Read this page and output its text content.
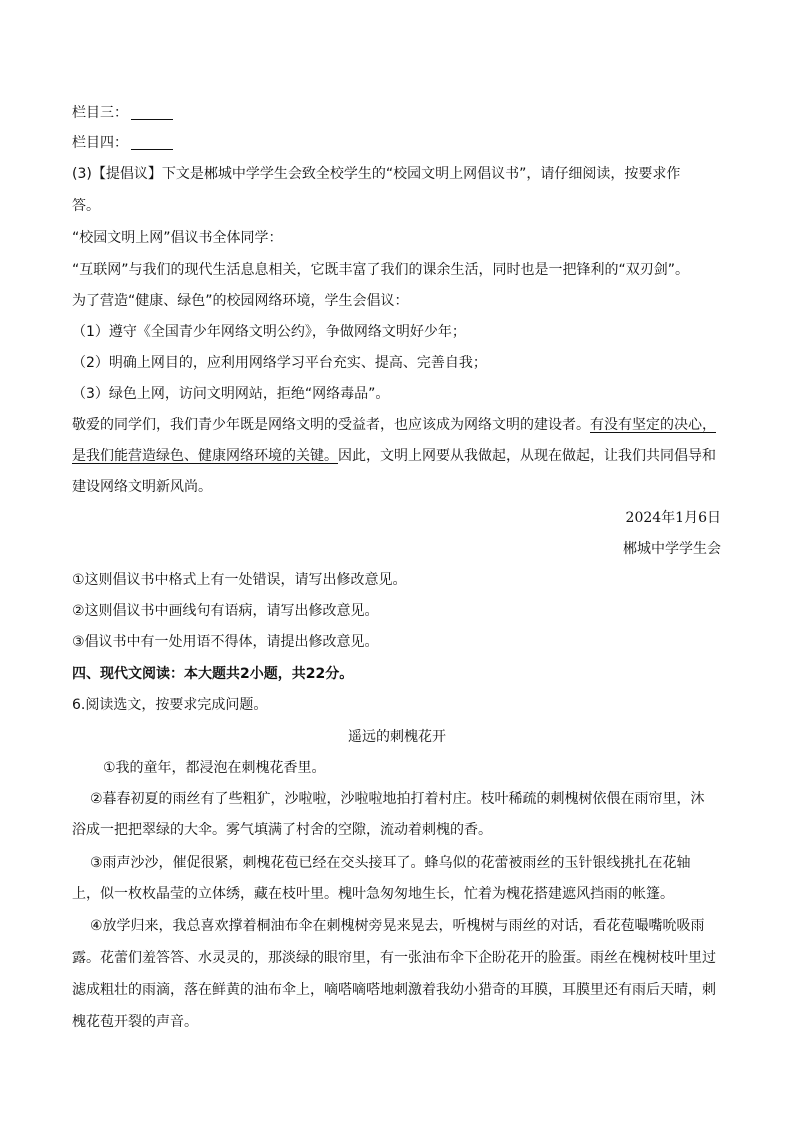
栏目三：
栏目四：
(3)【提倡议】下文是郴城中学学生会致全校学生的“校园文明上网倡议书”，请仔细阅读，按要求作
答。
“校园文明上网”倡议书全体同学：
“互联网”与我们的现代生活息息相关，它既丰富了我们的课余生活，同时也是一把锋利的“双刃剑”。
为了营造“健康、绿色”的校园网络环境，学生会倡议：
（1）遵守《全国青少年网络文明公约》，争做网络文明好少年；
（2）明确上网目的，应利用网络学习平台充实、提高、完善自我；
（3）绿色上网，访问文明网站，拒绝“网络毒品”。
敬爱的同学们，我们青少年既是网络文明的受益者，也应该成为网络文明的建设者。有没有坚定的决心，
是我们能营造绿色、健康网络环境的关键。因此，文明上网要从我做起，从现在做起，让我们共同倡导和
建设网络文明新风尚。
2024年1月6日
郴城中学学生会
①这则倡议书中格式上有一处错误，请写出修改意见。
②这则倡议书中画线句有语病，请写出修改意见。
③倡议书中有一处用语不得体，请提出修改意见。
四、现代文阅读：本大题共2小题，共22分。
6.阅读选文，按要求完成问题。
遥远的刺槐花开
①我的童年，都浸泡在刺槐花香里。
②暮春初夏的雨丝有了些粗犷，沙啦啦，沙啦啦地拍打着村庄。枝叶稀疏的刺槐树依偎在雨帘里，沐
浴成一把把翠绿的大伞。雾气填满了村舍的空隙，流动着刺槐的香。
③雨声沙沙，催促很紧，刺槐花苞已经在交头接耳了。蜂乌似的花蕾被雨丝的玉针银线挑扎在花轴
上，似一枚枚晶莹的立体绣，藏在枝叶里。槐叶急匆匆地生长，忙着为槐花搭建遮风挡雨的帐篷。
④放学归来，我总喜欢撑着桐油布伞在刺槐树旁晃来晃去，听槐树与雨丝的对话，看花苞嘬嘴吮吸雨
露。花蕾们羞答答、水灵灵的，那淡绿的眼帘里，有一张油布伞下企盼花开的脸蛋。雨丝在槐树枝叶里过
滤成粗壮的雨滴，落在鲜黄的油布伞上，嘀嗒嘀嗒地刺激着我幼小猎奇的耳膜，耳膜里还有雨后天晴，刺
槐花苞开裂的声音。
